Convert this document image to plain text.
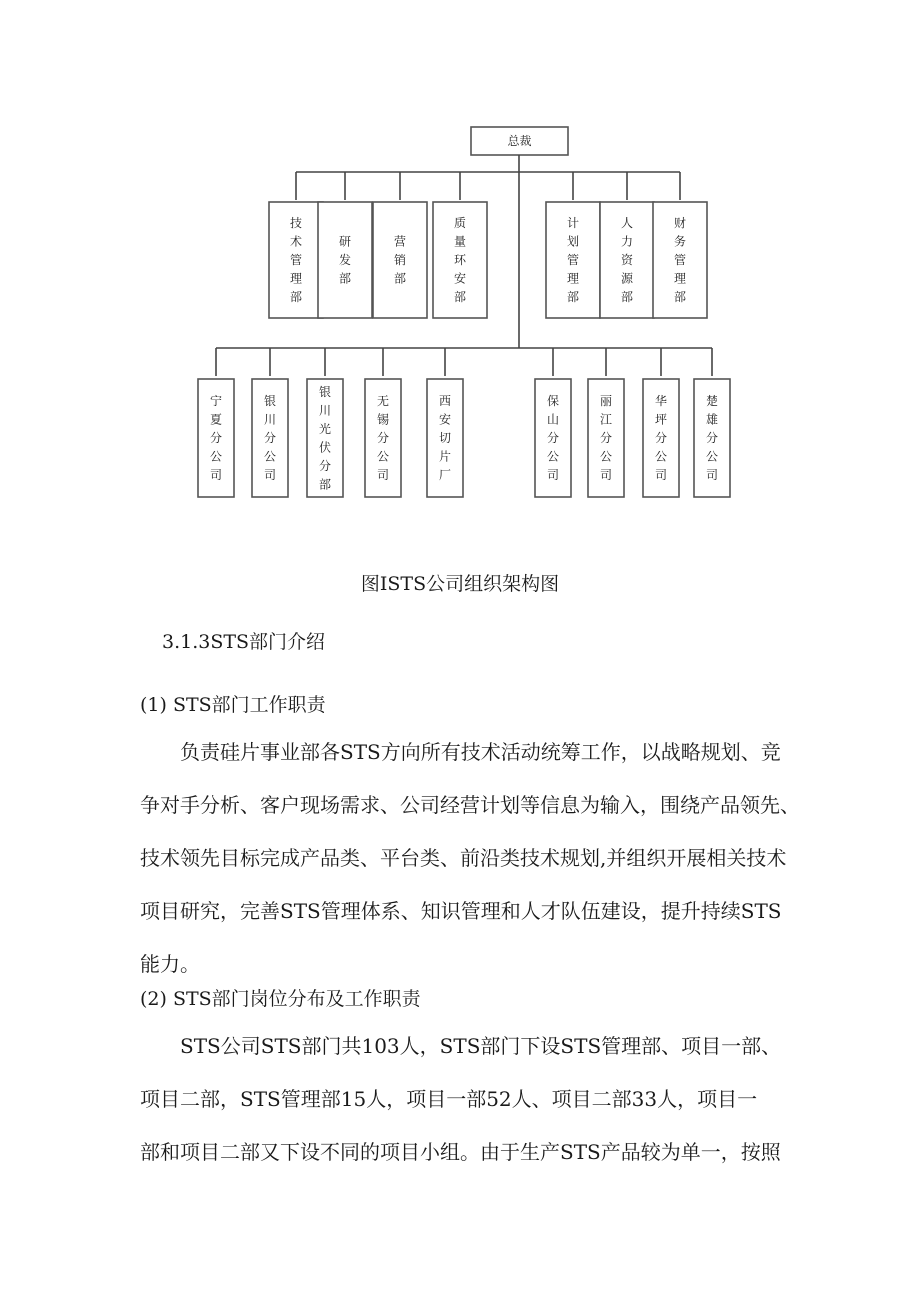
总裁
技
术
管
理
部
研
发
部
营
销
部
质
量
环
安
部
计
划
管
理
部
人
力
资
源
部
财
务
管
理
部
宁
夏
分
公
司
银
川
分
公
司
银
川
光
伏
分
部
无
锡
分
公
司
西
安
切
片
厂
保
山
分
公
司
丽
江
分
公
司
华
坪
分
公
司
楚
雄
分
公
司
图ISTS公司组织架构图
3.1.3STS部门介绍
(1) STS部门工作职责

负责硅片事业部各STS方向所有技术活动统筹工作，以战略规划、竞

争对手分析、客户现场需求、公司经营计划等信息为输入，围绕产品领先、

技术领先目标完成产品类、平台类、前沿类技术规划,并组织开展相关技术

项目研究，完善STS管理体系、知识管理和人才队伍建设，提升持续STS

能力。

(2) STS部门岗位分布及工作职责

STS公司STS部门共103人，STS部门下设STS管理部、项目一部、

项目二部，STS管理部15人，项目一部52人、项目二部33人，项目一

部和项目二部又下设不同的项目小组。由于生产STS产品较为单一，按照
